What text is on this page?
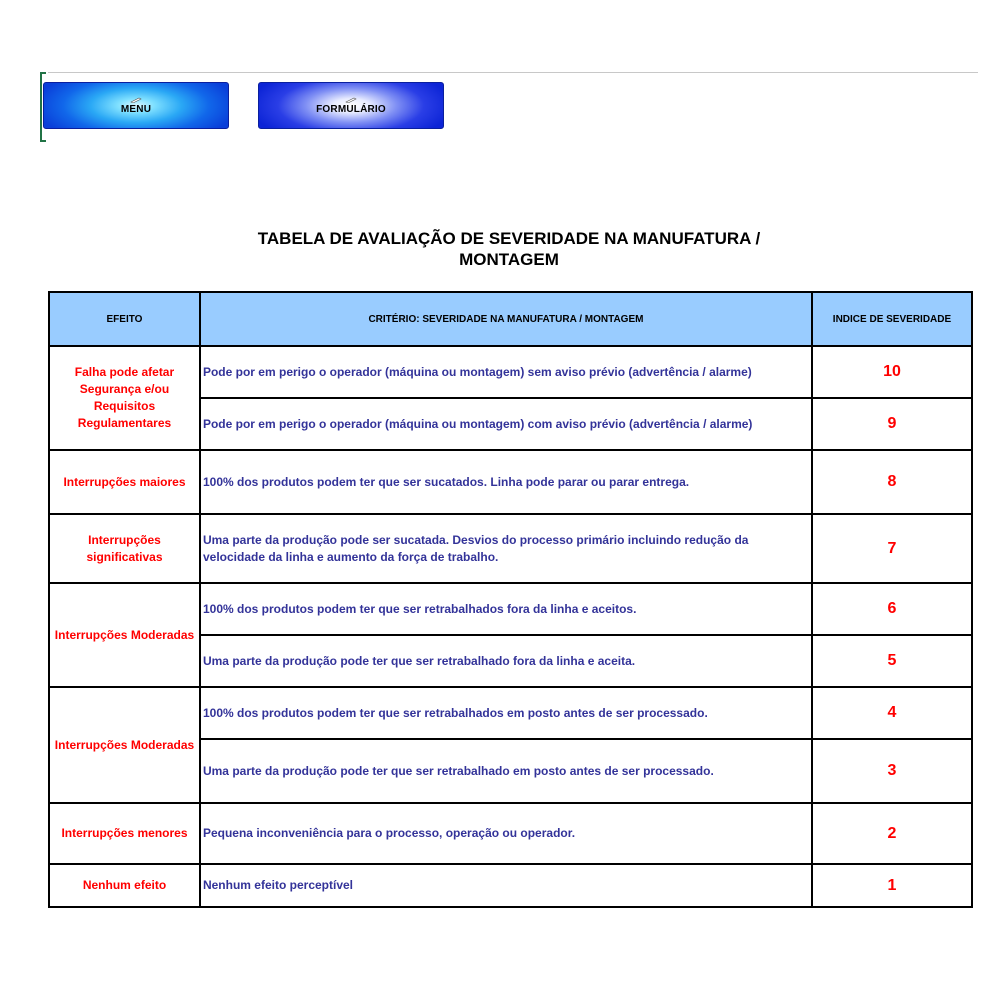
MENU	FORMULÁRIO
TABELA DE AVALIAÇÃO DE SEVERIDADE NA MANUFATURA /
MONTAGEM
EFEITO	CRITÉRIO: SEVERIDADE NA MANUFATURA / MONTAGEM	INDICE DE SEVERIDADE
Falha pode afetar Segurança e/ou Requisitos Regulamentares	Pode por em perigo o operador (máquina ou montagem) sem aviso prévio (advertência / alarme)	10
	Pode por em perigo o operador (máquina ou montagem) com aviso prévio (advertência / alarme)	9
Interrupções maiores	100% dos produtos podem ter que ser sucatados. Linha pode parar ou parar entrega.	8
Interrupções significativas	Uma parte da produção pode ser sucatada. Desvios do processo primário incluindo redução da velocidade da linha e aumento da força de trabalho.	7
Interrupções Moderadas	100% dos produtos podem ter que ser retrabalhados fora da linha e aceitos.	6
	Uma parte da produção pode ter que ser retrabalhado fora da linha e aceita.	5
Interrupções Moderadas	100% dos produtos podem ter que ser retrabalhados em posto antes de ser processado.	4
	Uma parte da produção pode ter que ser retrabalhado em posto antes de ser processado.	3
Interrupções menores	Pequena inconveniência para o processo, operação ou operador.	2
Nenhum efeito	Nenhum efeito perceptível	1
